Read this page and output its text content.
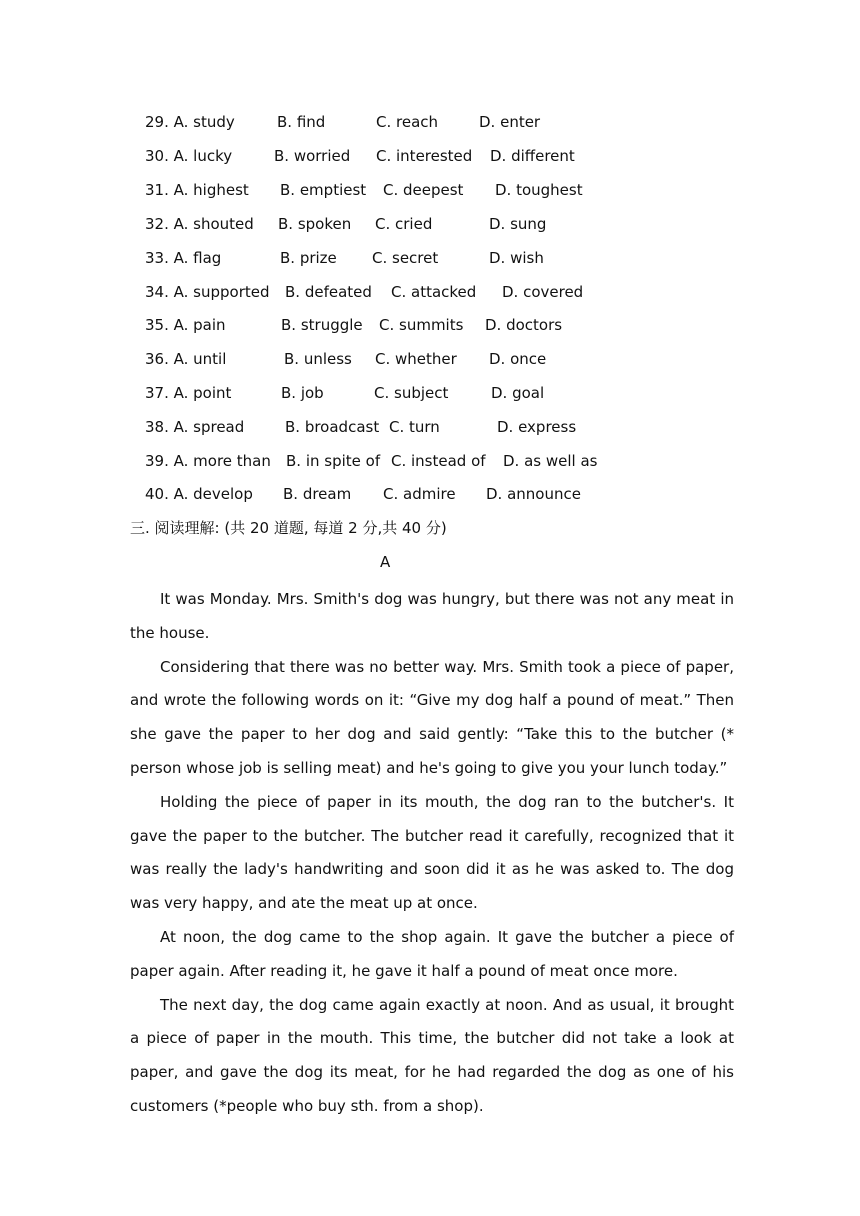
29. A. study	B. find	C. reach	D. enter
30. A. lucky	B. worried C. interested D. different
31. A. highest B. emptiest C. deepest D. toughest
32. A. shouted B. spoken C. cried	D. sung
33. A. flag	B. prize C. secret	D. wish
34. A. supported B. defeated C. attacked D. covered
35. A. pain	B. struggle C. summits D. doctors
36. A. until	B. unless C. whether D. once
37. A. point	B. job	C. subject	D. goal
38. A. spread	B. broadcast C. turn	D. express
39. A. more than B. in spite of C. instead of D. as well as
40. A. develop B. dream C. admire D. announce
三. 阅读理解: (共 20 道题, 每道 2 分,共 40 分)
A

It was Monday. Mrs. Smith's dog was hungry, but there was not any meat in the house.

Considering that there was no better way. Mrs. Smith took a piece of paper, and wrote the following words on it: “Give my dog half a pound of meat.” Then she gave the paper to her dog and said gently: “Take this to the butcher (* person whose job is selling meat) and he's going to give you your lunch today.”

Holding the piece of paper in its mouth, the dog ran to the butcher's. It gave the paper to the butcher. The butcher read it carefully, recognized that it was really the lady's handwriting and soon did it as he was asked to. The dog was very happy, and ate the meat up at once.

At noon, the dog came to the shop again. It gave the butcher a piece of paper again. After reading it, he gave it half a pound of meat once more.

The next day, the dog came again exactly at noon. And as usual, it brought a piece of paper in the mouth. This time, the butcher did not take a look at paper, and gave the dog its meat, for he had regarded the dog as one of his customers (*people who buy sth. from a shop).
